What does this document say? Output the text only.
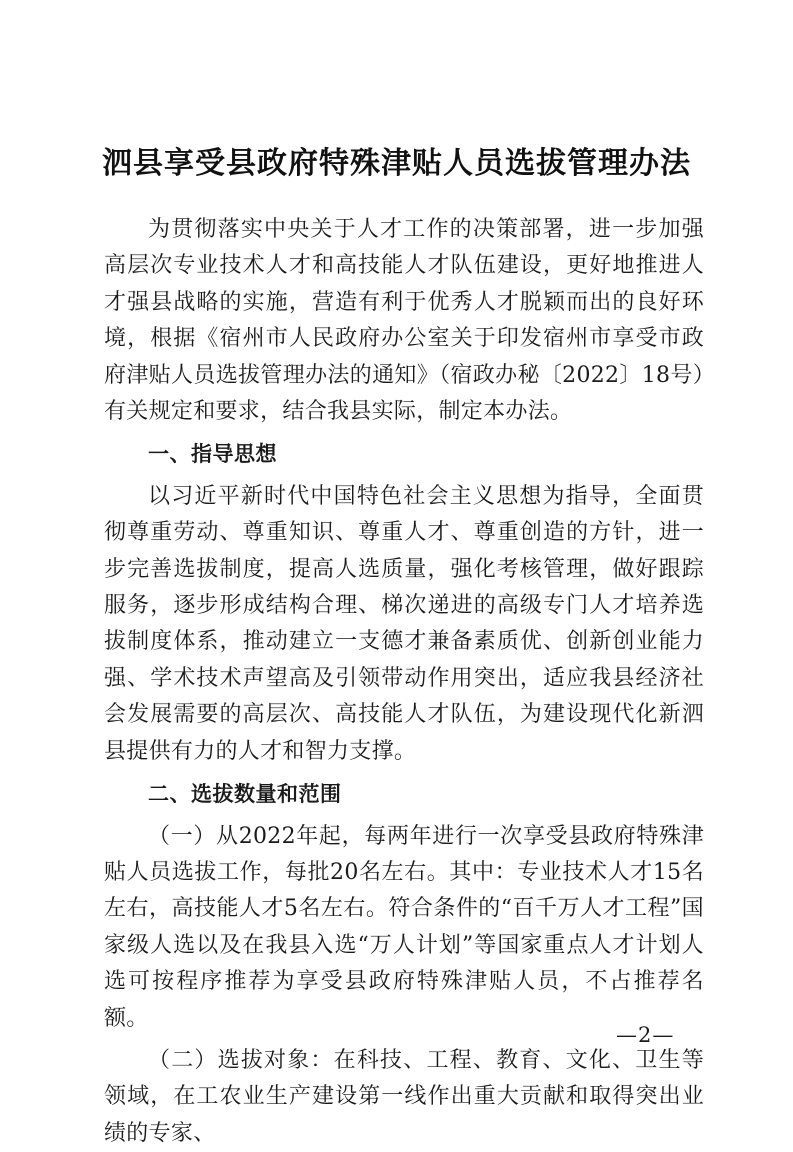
泗县享受县政府特殊津贴人员选拔管理办法

为贯彻落实中央关于人才工作的决策部署，进一步加强高层次专业技术人才和高技能人才队伍建设，更好地推进人才强县战略的实施，营造有利于优秀人才脱颖而出的良好环境，根据《宿州市人民政府办公室关于印发宿州市享受市政府津贴人员选拔管理办法的通知》（宿政办秘〔2022〕18号）有关规定和要求，结合我县实际，制定本办法。

一、指导思想

以习近平新时代中国特色社会主义思想为指导，全面贯彻尊重劳动、尊重知识、尊重人才、尊重创造的方针，进一步完善选拔制度，提高人选质量，强化考核管理，做好跟踪服务，逐步形成结构合理、梯次递进的高级专门人才培养选拔制度体系，推动建立一支德才兼备素质优、创新创业能力强、学术技术声望高及引领带动作用突出，适应我县经济社会发展需要的高层次、高技能人才队伍，为建设现代化新泗县提供有力的人才和智力支撑。

二、选拔数量和范围

（一）从2022年起，每两年进行一次享受县政府特殊津贴人员选拔工作，每批20名左右。其中：专业技术人才15名左右，高技能人才5名左右。符合条件的“百千万人才工程”国家级人选以及在我县入选“万人计划”等国家重点人才计划人选可按程序推荐为享受县政府特殊津贴人员，不占推荐名额。

（二）选拔对象：在科技、工程、教育、文化、卫生等领域，在工农业生产建设第一线作出重大贡献和取得突出业绩的专家、

—2—
